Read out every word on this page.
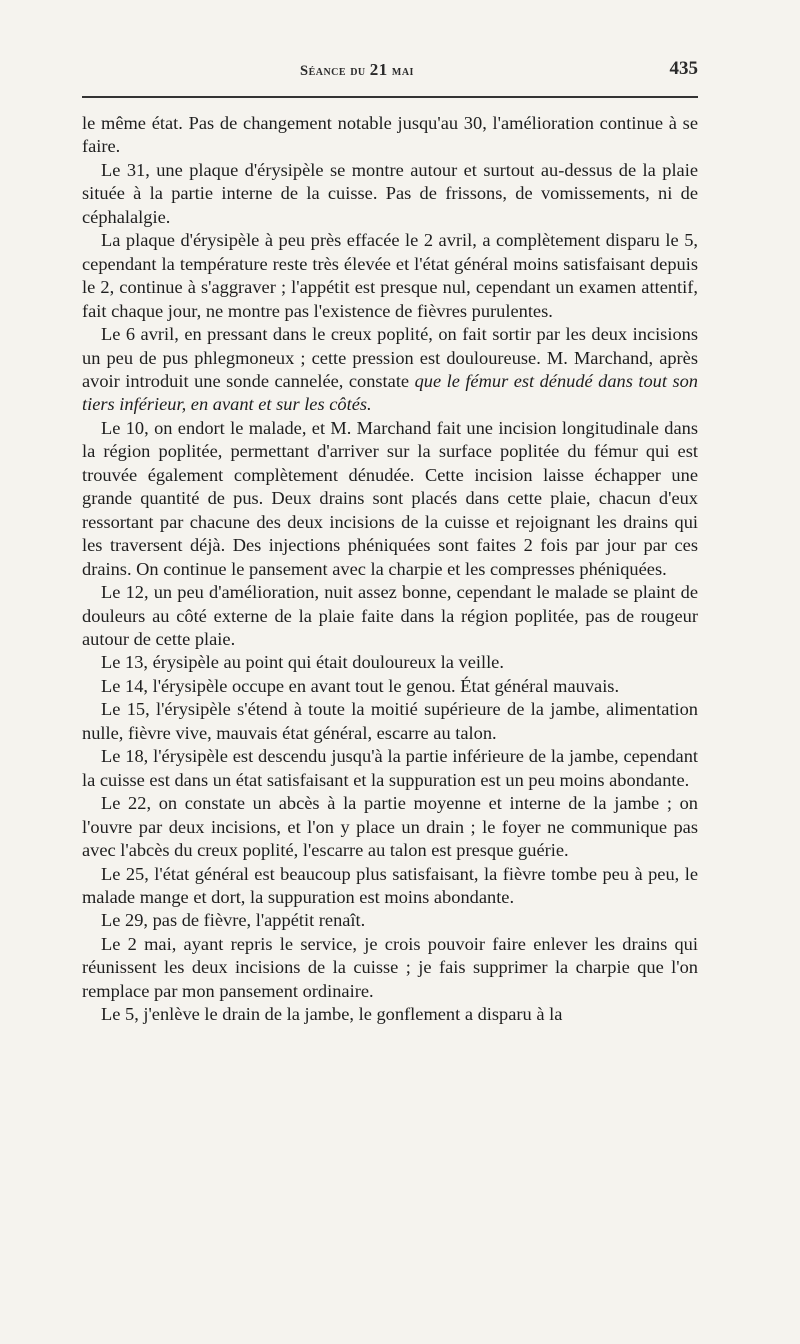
Séance du 21 mai	435

le même état. Pas de changement notable jusqu'au 30, l'amélioration continue à se faire.

Le 31, une plaque d'érysipèle se montre autour et surtout au-dessus de la plaie située à la partie interne de la cuisse. Pas de frissons, de vomissements, ni de céphalalgie.

La plaque d'érysipèle à peu près effacée le 2 avril, a complètement disparu le 5, cependant la température reste très élevée et l'état général moins satisfaisant depuis le 2, continue à s'aggraver ; l'appétit est presque nul, cependant un examen attentif, fait chaque jour, ne montre pas l'existence de fièvres purulentes.

Le 6 avril, en pressant dans le creux poplité, on fait sortir par les deux incisions un peu de pus phlegmoneux ; cette pression est douloureuse. M. Marchand, après avoir introduit une sonde cannelée, constate que le fémur est dénudé dans tout son tiers inférieur, en avant et sur les côtés.

Le 10, on endort le malade, et M. Marchand fait une incision longitudinale dans la région poplitée, permettant d'arriver sur la surface poplitée du fémur qui est trouvée également complètement dénudée. Cette incision laisse échapper une grande quantité de pus. Deux drains sont placés dans cette plaie, chacun d'eux ressortant par chacune des deux incisions de la cuisse et rejoignant les drains qui les traversent déjà. Des injections phéniquées sont faites 2 fois par jour par ces drains. On continue le pansement avec la charpie et les compresses phéniquées.

Le 12, un peu d'amélioration, nuit assez bonne, cependant le malade se plaint de douleurs au côté externe de la plaie faite dans la région poplitée, pas de rougeur autour de cette plaie.

Le 13, érysipèle au point qui était douloureux la veille.

Le 14, l'érysipèle occupe en avant tout le genou. État général mauvais.

Le 15, l'érysipèle s'étend à toute la moitié supérieure de la jambe, alimentation nulle, fièvre vive, mauvais état général, escarre au talon.

Le 18, l'érysipèle est descendu jusqu'à la partie inférieure de la jambe, cependant la cuisse est dans un état satisfaisant et la suppuration est un peu moins abondante.

Le 22, on constate un abcès à la partie moyenne et interne de la jambe ; on l'ouvre par deux incisions, et l'on y place un drain ; le foyer ne communique pas avec l'abcès du creux poplité, l'escarre au talon est presque guérie.

Le 25, l'état général est beaucoup plus satisfaisant, la fièvre tombe peu à peu, le malade mange et dort, la suppuration est moins abondante.

Le 29, pas de fièvre, l'appétit renaît.

Le 2 mai, ayant repris le service, je crois pouvoir faire enlever les drains qui réunissent les deux incisions de la cuisse ; je fais supprimer la charpie que l'on remplace par mon pansement ordinaire.

Le 5, j'enlève le drain de la jambe, le gonflement a disparu à la
